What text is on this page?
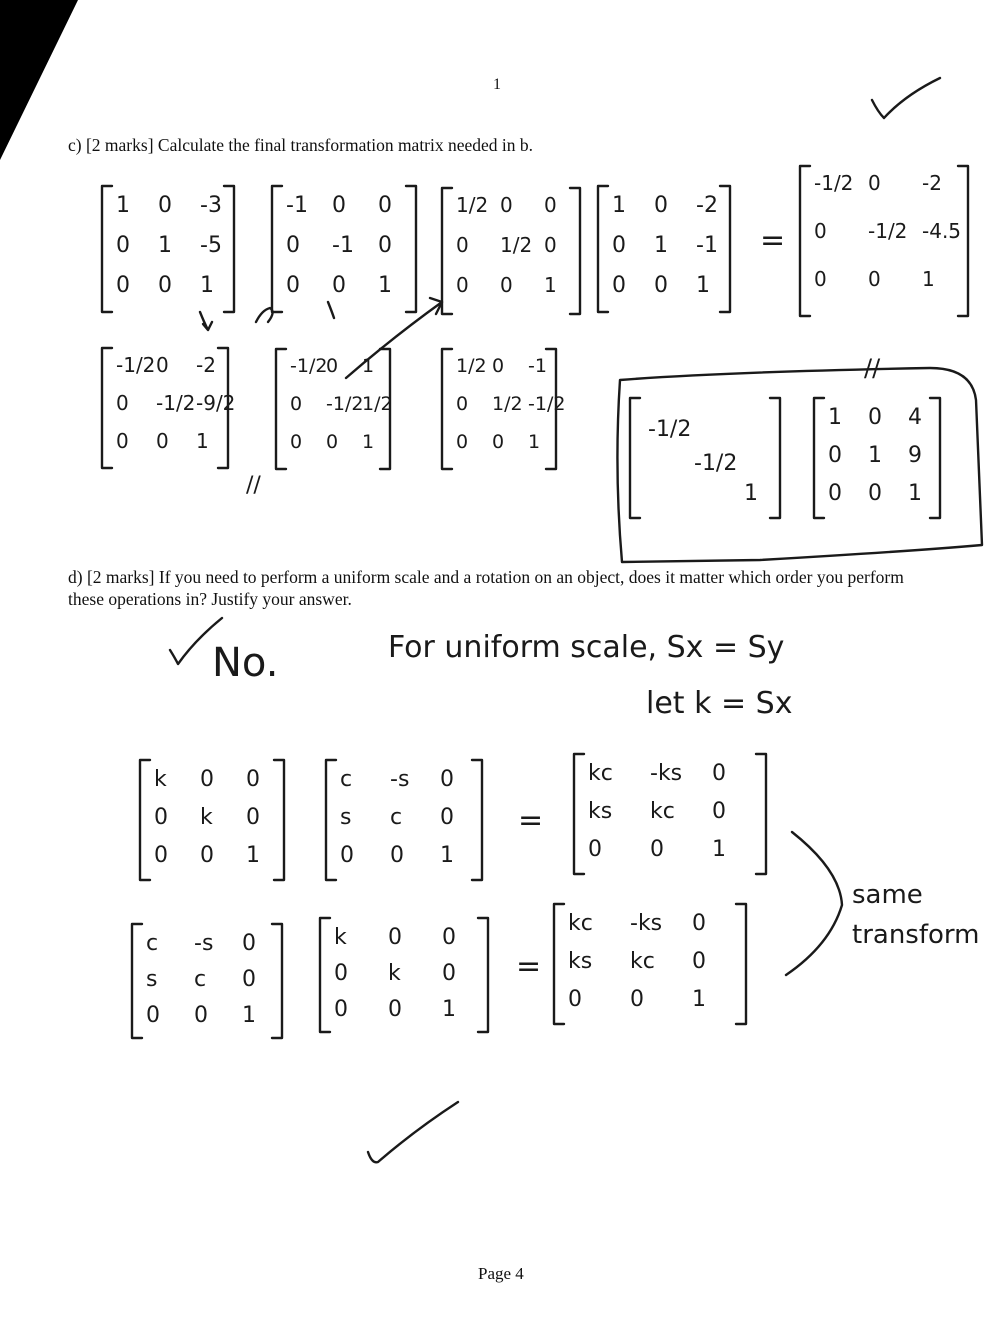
1
c) [2 marks] Calculate the final transformation matrix needed in b.
d) [2 marks] If you need to perform a uniform scale and a rotation on an object, does it matter which order you perform these operations in? Justify your answer.
No.	For uniform scale, Sx = Sy
let k = Sx
same
transform
1 0 -3
0 1 -5
0 0 1
-1 0 0
0 -1 0
0 0 1
1/2 0 0
0 1/2 0
0 0 1
1 0 -2
0 1 -1
0 0 1
=
-1/2 0 -2
0 -1/2 -4.5
0 0 1
-1/2 0 -2
0 -1/2 -9/2
0 0 1
-1/2
0 1
0 -1/2
1/2
0 0 1
1/2 0 -1
0 1/2 -1/2
0 0 1
//
//
-1/2
-1/2
1
1 0 4
0 1 9
0 0 1
k 0 0
0 k 0
0 0 1
c -s 0
s c 0
0 0 1
=
kc -ks 0
ks kc 0
0 0 1
c -s 0
s c 0
0 0 1
k 0 0
0 k 0
0 0 1
=
kc -ks 0
ks kc 0
0 0 1
Page 4
